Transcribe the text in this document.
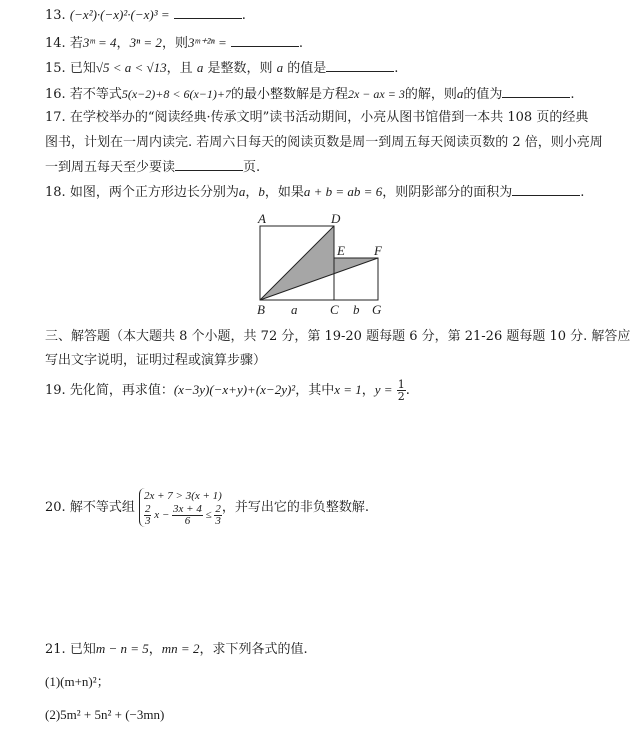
13. (−x²)·(−x)²·(−x)³ =	.
14. 若3ᵐ = 4，3ⁿ = 2，则3ᵐ⁺²ⁿ =	.
15. 已知√5 < a < √13，且 a 是整数，则 a 的值是	.
16. 若不等式5(x−2)+8 < 6(x−1)+7的最小整数解是方程2x − ax = 3的解，则a的值为	.
17. 在学校举办的“阅读经典·传承文明”读书活动期间，小亮从图书馆借到一本共 108 页的经典
图书，计划在一周内读完. 若周六日每天的阅读页数是周一到周五每天阅读页数的 2 倍，则小亮周
一到周五每天至少要读	页.
18. 如图，两个正方形边长分别为a，b，如果a + b = ab = 6，则阴影部分的面积为	.
A	D
E F
B a	C b G
三、解答题（本大题共 8 个小题，共 72 分，第 19-20 题每题 6 分，第 21-26 题每题 10 分. 解答应
写出文字说明，证明过程或演算步骤）
19. 先化简，再求值：(x−3y)(−x+y)+(x−2y)²，其中x = 1，$y = \frac{1}{2}$ .
20. 解不等式组
2x + 7 > 3(x + 1)
$\frac{2}{3}$ $x - \frac{3x + 4}{6} \le \frac{2}{3}$ ，并写出它的非负整数解.
21. 已知m − n = 5，mn = 2，求下列各式的值.
(1)(m+n)²；
(2)5m² + 5n² + (−3mn)
